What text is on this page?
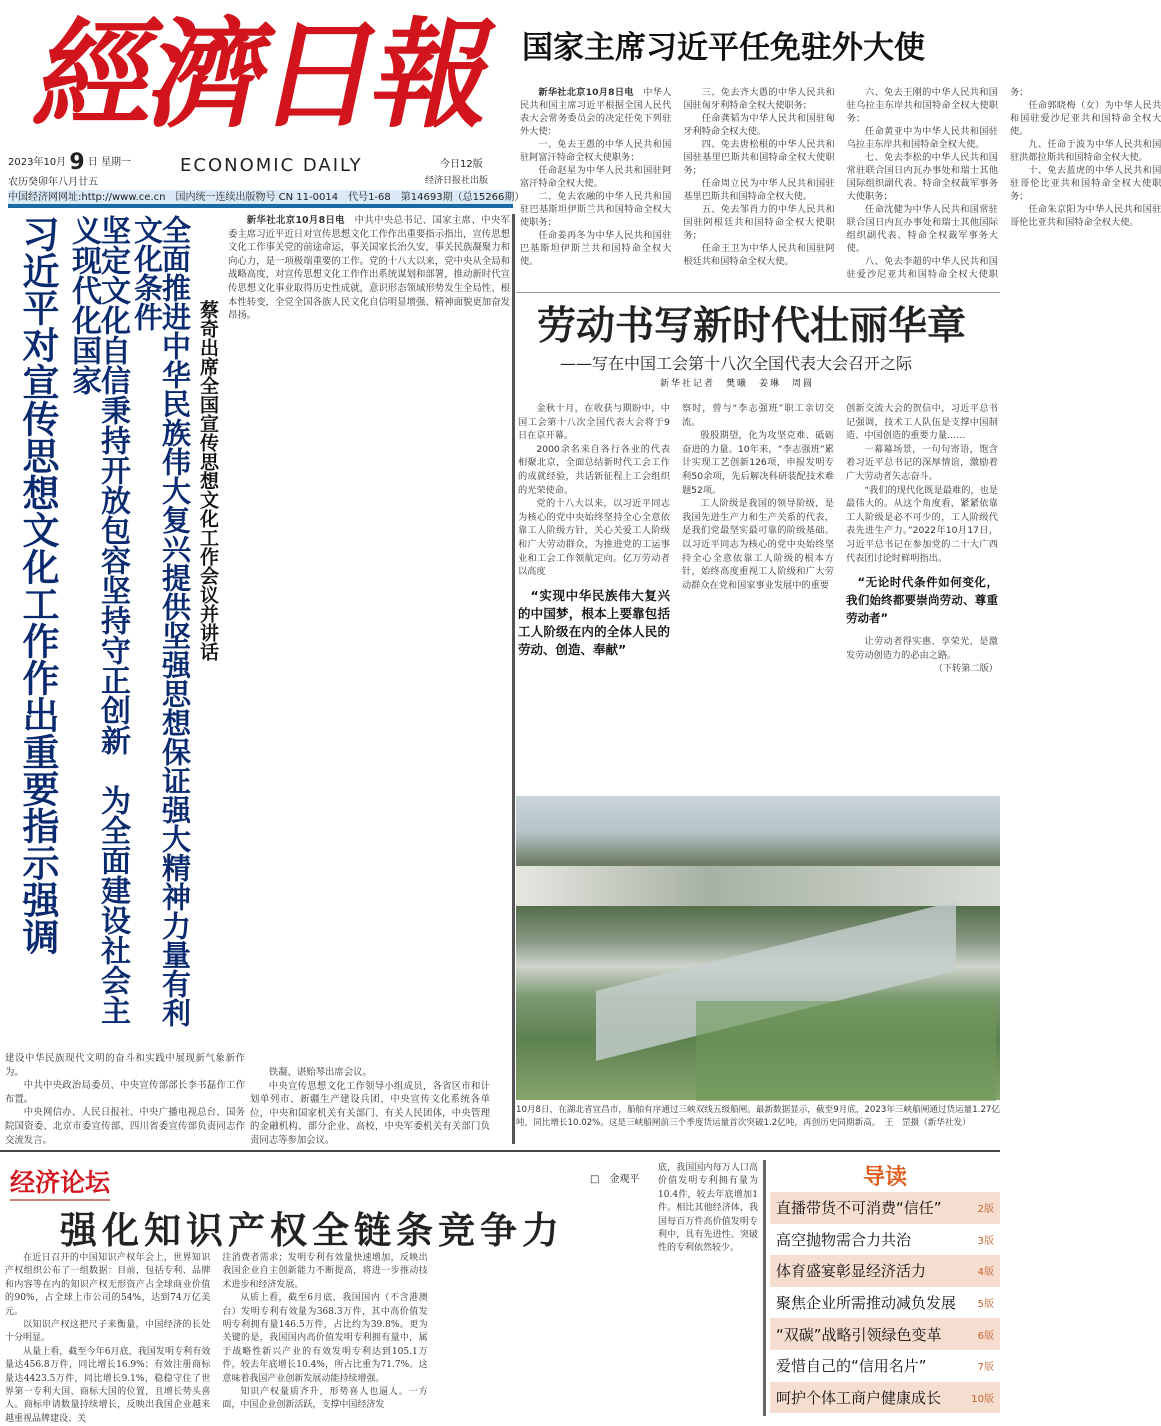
經濟日報
2023年10月 9 日 星期一
农历癸卯年八月廿五
ECONOMIC DAILY	今日12版
经济日报社出版
中国经济网网址:http://www.ce.cn　国内统一连续出版物号 CN 11-0014　代号1-68　第14693期（总15266期）
习近平对宣传思想文化工作作出重要指示强调	坚定文化自信秉持开放包容坚持守正创新　为全面建设社会主义现代化国家	全面推进中华民族伟大复兴提供坚强思想保证强大精神力量有利文化条件
蔡奇出席全国宣传思想文化工作会议并讲话

新华社北京10月8日电　 中共中央总书记、国家主席、中央军委主席习近平近日对宣传思想文化工作作出重要指示指出，宣传思想文化工作事关党的前途命运，事关国家长治久安，事关民族凝聚力和向心力，是一项极端重要的工作。党的十八大以来，党中央从全局和战略高度，对宣传思想文化工作作出系统谋划和部署，推动新时代宣传思想文化事业取得历史性成就，意识形态领域形势发生全局性、根本性转变，全党全国各族人民文化自信明显增强、精神面貌更加奋发昂扬。

建设中华民族现代文明的奋斗和实践中展现新气象新作为。

中共中央政治局委员、中央宣传部部长李书磊作工作布置。

中央网信办、人民日报社、中央广播电视总台、国务院国资委、北京市委宣传部、四川省委宣传部负责同志作交流发言。

铁凝、谌贻琴出席会议。

中央宣传思想文化工作领导小组成员，各省区市和计划单列市、新疆生产建设兵团、中央宣传文化系统各单位，中央和国家机关有关部门、有关人民团体，中央管理的金融机构、部分企业、高校，中央军委机关有关部门负责同志等参加会议。

国家主席习近平任免驻外大使

新华社北京10月8日电　 中华人民共和国主席习近平根据全国人民代表大会常务委员会的决定任免下列驻外大使：

一、免去王愚的中华人民共和国驻阿富汗特命全权大使职务；

任命赵星为中华人民共和国驻阿富汗特命全权大使。

二、免去农融的中华人民共和国驻巴基斯坦伊斯兰共和国特命全权大使职务；

任命姜再冬为中华人民共和国驻巴基斯坦伊斯兰共和国特命全权大使。

三、免去齐大愚的中华人民共和国驻匈牙利特命全权大使职务；

任命龚韬为中华人民共和国驻匈牙利特命全权大使。

四、免去唐松根的中华人民共和国驻基里巴斯共和国特命全权大使职务；

任命周立民为中华人民共和国驻基里巴斯共和国特命全权大使。

五、免去邹肖力的中华人民共和国驻阿根廷共和国特命全权大使职务；

任命王卫为中华人民共和国驻阿根廷共和国特命全权大使。

六、免去王刚的中华人民共和国驻乌拉圭东岸共和国特命全权大使职务；

任命黄亚中为中华人民共和国驻乌拉圭东岸共和国特命全权大使。

七、免去李松的中华人民共和国常驻联合国日内瓦办事处和瑞士其他国际组织副代表、特命全权裁军事务大使职务；

任命沈健为中华人民共和国常驻联合国日内瓦办事处和瑞士其他国际组织副代表、特命全权裁军事务大使。

八、免去李超的中华人民共和国驻爱沙尼亚共和国特命全权大使职务；

任命郭晓梅（女）为中华人民共和国驻爱沙尼亚共和国特命全权大使。

九、任命于波为中华人民共和国驻洪都拉斯共和国特命全权大使。

十、免去蓝虎的中华人民共和国驻哥伦比亚共和国特命全权大使职务；

任命朱京阳为中华人民共和国驻哥伦比亚共和国特命全权大使。

劳动书写新时代壮丽华章
——写在中国工会第十八次全国代表大会召开之际
新华社记者　樊曦　姜琳　周圆

金秋十月，在收获与期盼中，中国工会第十八次全国代表大会将于9日在京开幕。

2000余名来自各行各业的代表相聚北京，全面总结新时代工会工作的成就经验，共话新征程上工会组织的光荣使命。

党的十八大以来，以习近平同志为核心的党中央始终坚持全心全意依靠工人阶级方针，关心关爱工人阶级和广大劳动群众，为推进党的工运事业和工会工作领航定向。亿万劳动者以高度

“实现中华民族伟大复兴的中国梦，根本上要靠包括工人阶级在内的全体人民的劳动、创造、奉献”

察时，曾与“李志强班”职工亲切交流。

殷殷期望，化为攻坚克难、砥砺奋进的力量。10年来，“李志强班”累计实现工艺创新126项，申报发明专利50余项，先后解决科研装配技术难题52项。

工人阶级是我国的领导阶级，是我国先进生产力和生产关系的代表，是我们党最坚实最可靠的阶级基础。以习近平同志为核心的党中央始终坚持全心全意依靠工人阶级的根本方针，始终高度重视工人阶级和广大劳动群众在党和国家事业发展中的重要

创新交流大会的贺信中，习近平总书记强调，技术工人队伍是支撑中国制造、中国创造的重要力量……

一幕幕场景，一句句寄语，饱含着习近平总书记的深厚情谊，激励着广大劳动者矢志奋斗。

“我们的现代化既是最难的，也是最伟大的。从这个角度看，紧紧依靠工人阶级是必不可少的，工人阶级代表先进生产力。”2022年10月17日，习近平总书记在参加党的二十大广西代表团讨论时鲜明指出。

“无论时代条件如何变化，我们始终都要崇尚劳动、尊重劳动者”

让劳动者得实惠、享荣光，是激发劳动创造力的必由之路。

（下转第二版）
10月8日，在湖北省宜昌市，船舶有序通过三峡双线五级船闸。最新数据显示，截至9月底，2023年三峡船闸通过货运量1.27亿吨，同比增长10.02%。这是三峡船闸前三个季度货运量首次突破1.2亿吨，再创历史同期新高。　王　罡摄（新华社发）
经济论坛	□　金观平
强化知识产权全链条竞争力

在近日召开的中国知识产权年会上，世界知识产权组织公布了一组数据：目前，包括专利、品牌和内容等在内的知识产权无形资产占全球商业价值的90%，占全球上市公司的54%，达到74万亿美元。

以知识产权这把尺子来衡量，中国经济的长处十分明显。

从量上看，截至今年6月底，我国发明专利有效量达456.8万件，同比增长16.9%；有效注册商标量达4423.5万件，同比增长9.1%，稳稳守住了世界第一专利大国、商标大国的位置，且增长势头喜人。商标申请数量持续增长，反映出我国企业越来越重视品牌建设、关

注消费者需求；发明专利有效量快速增加，反映出我国企业自主创新能力不断提高，将进一步推动技术进步和经济发展。

从质上看，截至6月底，我国国内（不含港澳台）发明专利有效量为368.3万件，其中高价值发明专利拥有量146.5万件，占比约为39.8%。更为关键的是，我国国内高价值发明专利拥有量中，属于战略性新兴产业的有效发明专利达到105.1万件，较去年底增长10.4%，所占比重为71.7%。这意味着我国产业创新发展动能持续增强。

知识产权量质齐升，形势喜人也逼人。一方面，中国企业创新活跃，支撑中国经济发

底，我国国内每万人口高价值发明专利拥有量为10.4件，较去年底增加1件。相比其他经济体，我国每百万件高价值发明专利中，具有先进性、突破性的专利依然较少。
导读
直播带货不可消费“信任”	2版
高空抛物需合力共治	3版
体育盛宴彰显经济活力	4版
聚焦企业所需推动减负发展 5版
“双碳”战略引领绿色变革	6版
爱惜自己的“信用名片”	7版
呵护个体工商户健康成长	10版
